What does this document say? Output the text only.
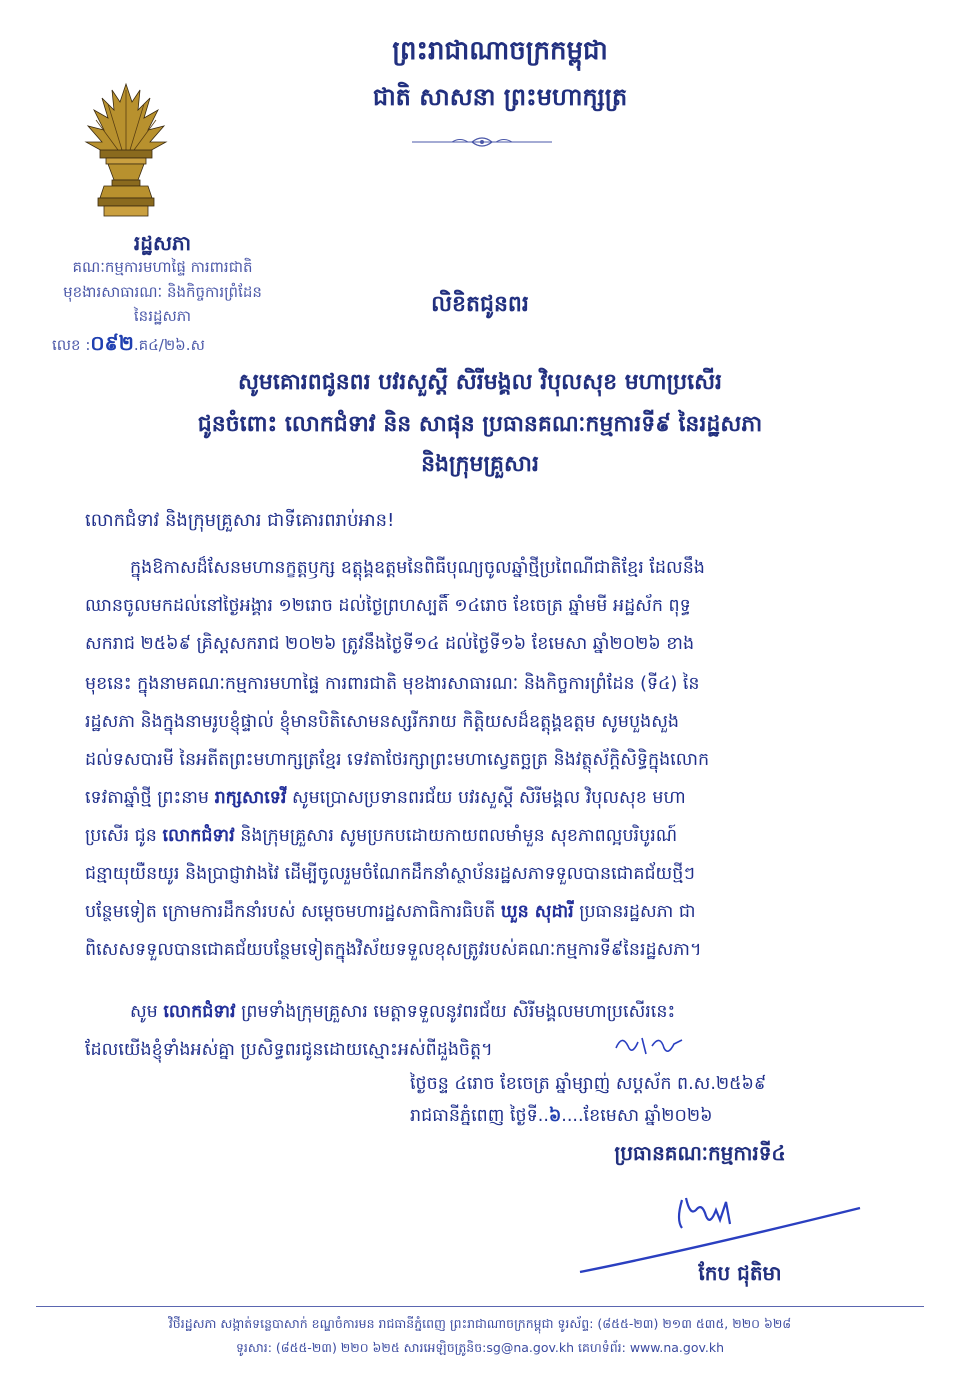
ព្រះរាជាណាចក្រកម្ពុជា
ជាតិ សាសនា ព្រះមហាក្សត្រ
រដ្ឋសភា
គណៈកម្មការមហាផ្ទៃ ការពារជាតិ
មុខងារសាធារណៈ និងកិច្ចការព្រំដែន
នៃរដ្ឋសភា
លេខ :០៩២.គ៤/២៦.ស
លិខិតជូនពរ
សូមគោរពជូនពរ បវរសួស្តី សិរីមង្គល វិបុលសុខ មហាប្រសើរ
ជូនចំពោះ លោកជំទាវ និន សាផុន ប្រធានគណៈកម្មការទី៩ នៃរដ្ឋសភា
និងក្រុមគ្រួសារ
លោកជំទាវ និងក្រុមគ្រួសារ ជាទីគោរពរាប់អាន!
ក្នុងឱកាសដ៏សែនមហានក្ខត្តឫក្ស ឧត្តុង្គឧត្តមនៃពិធីបុណ្យចូលឆ្នាំថ្មីប្រពៃណីជាតិខ្មែរ ដែលនឹង
ឈានចូលមកដល់នៅថ្ងៃអង្គារ ១២រោច ដល់ថ្ងៃព្រហស្បតិ៍ ១៤រោច ខែចេត្រ ឆ្នាំមមី អដ្ឋស័ក ពុទ្ធ
សករាជ ២៥៦៩ គ្រិស្តសករាជ ២០២៦ ត្រូវនឹងថ្ងៃទី១៤ ដល់ថ្ងៃទី១៦ ខែមេសា ឆ្នាំ២០២៦ ខាង
មុខនេះ ក្នុងនាមគណៈកម្មការមហាផ្ទៃ ការពារជាតិ មុខងារសាធារណៈ និងកិច្ចការព្រំដែន (ទី៤) នៃ
រដ្ឋសភា និងក្នុងនាមរូបខ្ញុំផ្ទាល់ ខ្ញុំមានបិតិសោមនស្សរីករាយ កិត្តិយសដ៏ឧត្តុង្គឧត្តម សូមបួងសួង
ដល់ទសបារមី នៃអតីតព្រះមហាក្សត្រខ្មែរ ទេវតាថែរក្សាព្រះមហាស្វេតច្ឆត្រ និងវត្ថុស័ក្តិសិទ្ធិក្នុងលោក
ទេវតាឆ្នាំថ្មី ព្រះនាម រាក្សសាទេវី សូមប្រោសប្រទានពរជ័យ បវរសួស្តី សិរីមង្គល វិបុលសុខ មហា
ប្រសើរ ជូន លោកជំទាវ និងក្រុមគ្រួសារ សូមប្រកបដោយកាយពលមាំមួន សុខភាពល្អបរិបូរណ៍
ជន្មាយុយឺនយូរ និងប្រាជ្ញាវាងវៃ ដើម្បីចូលរួមចំណែកដឹកនាំស្ថាប័នរដ្ឋសភាទទួលបានជោគជ័យថ្មីៗ
បន្ថែមទៀត ក្រោមការដឹកនាំរបស់ សម្តេចមហារដ្ឋសភាធិការធិបតី ឃួន សុដារី ប្រធានរដ្ឋសភា ជា
ពិសេសទទួលបានជោគជ័យបន្ថែមទៀតក្នុងវិស័យទទួលខុសត្រូវរបស់គណៈកម្មការទី៩នៃរដ្ឋសភា។
សូម លោកជំទាវ ព្រមទាំងក្រុមគ្រួសារ មេត្តាទទួលនូវពរជ័យ សិរីមង្គលមហាប្រសើរនេះ
ដែលយើងខ្ញុំទាំងអស់គ្នា ប្រសិទ្ធពរជូនដោយស្មោះអស់ពីដួងចិត្ត។
ថ្ងៃចន្ទ ៤រោច ខែចេត្រ ឆ្នាំម្សាញ់ សប្តស័ក ព.ស.២៥៦៩
រាជធានីភ្នំពេញ ថ្ងៃទី..៦....ខែមេសា ឆ្នាំ២០២៦
ប្រធានគណៈកម្មការទី៤
កែប ជុតិមា
វិថីរដ្ឋសភា សង្កាត់ទន្លេបាសាក់ ខណ្ឌចំការមន រាជធានីភ្នំពេញ ព្រះរាជាណាចក្រកម្ពុជា ទូរស័ព្ទ: (៨៥៥-២៣) ២១៣ ៥៣៥, ២២០ ៦២៨
ទូរសារ: (៨៥៥-២៣) ២២០ ៦២៥ សារអេឡិចត្រូនិច:sg@na.gov.kh គេហទំព័រ: www.na.gov.kh
